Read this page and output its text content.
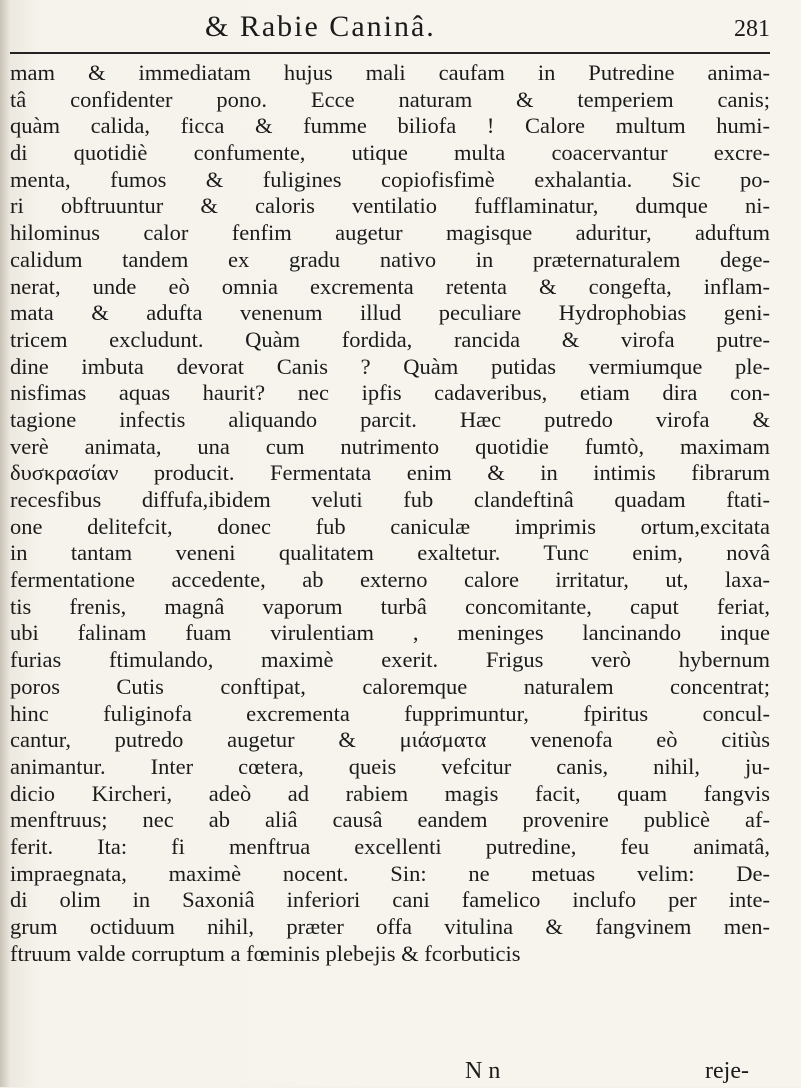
& Rabie Caninâ.	281
mam & immediatam hujus mali caufam in Putredine anima-
tâ confidenter pono. Ecce naturam & temperiem canis;
quàm calida, ficca & fumme biliofa ! Calore multum humi-
di quotidiè confumente, utique multa coacervantur excre-
menta, fumos & fuligines copiofisfimè exhalantia. Sic po-
ri obftruuntur & caloris ventilatio fufflaminatur, dumque ni-
hilominus calor fenfim augetur magisque aduritur, aduftum
calidum tandem ex gradu nativo in præternaturalem dege-
nerat, unde eò omnia excrementa retenta & congefta, inflam-
mata & adufta venenum illud peculiare Hydrophobias geni-
tricem excludunt. Quàm fordida, rancida & virofa putre-
dine imbuta devorat Canis ? Quàm putidas vermiumque ple-
nisfimas aquas haurit? nec ipfis cadaveribus, etiam dira con-
tagione infectis aliquando parcit. Hæc putredo virofa &
verè animata, una cum nutrimento quotidie fumtò, maximam
δυσκρασίαν producit. Fermentata enim & in intimis fibrarum
recesfibus diffufa,ibidem veluti fub clandeftinâ quadam ftati-
one delitefcit, donec fub caniculæ imprimis ortum,excitata
in tantam veneni qualitatem exaltetur. Tunc enim, novâ
fermentatione accedente, ab externo calore irritatur, ut, laxa-
tis frenis, magnâ vaporum turbâ concomitante, caput feriat,
ubi falinam fuam virulentiam , meninges lancinando inque
furias ftimulando, maximè exerit. Frigus verò hybernum
poros Cutis conftipat, caloremque naturalem concentrat;
hinc fuliginofa excrementa fupprimuntur, fpiritus concul-
cantur, putredo augetur & μιάσματα venenofa eò citiùs
animantur. Inter cœtera, queis vefcitur canis, nihil, ju-
dicio Kircheri, adeò ad rabiem magis facit, quam fangvis
menftruus; nec ab aliâ causâ eandem provenire publicè af-
ferit. Ita: fi menftrua excellenti putredine, feu animatâ,
impraegnata, maximè nocent. Sin: ne metuas velim: De-
di olim in Saxoniâ inferiori cani famelico inclufo per inte-
grum octiduum nihil, præter offa vitulina & fangvinem men-
ftruum valde corruptum a fœminis plebejis & fcorbuticis
N n	reje-
